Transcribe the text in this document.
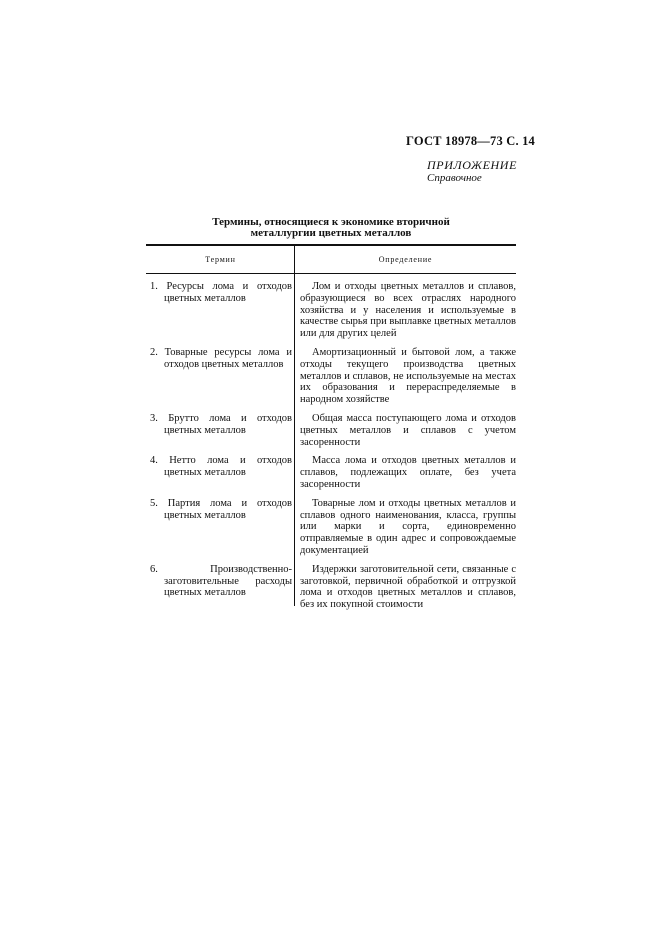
ГОСТ 18978—73 С. 14
ПРИЛОЖЕНИЕ
Справочное
Термины, относящиеся к экономике вторичной
металлургии цветных металлов
Термин	Определение
1. Ресурсы лома и отходов цветных металлов
Лом и отходы цветных металлов и сплавов, образующиеся во всех отраслях народного хозяйства и у населения и используемые в качестве сырья при выплавке цветных металлов или для других целей
2. Товарные ресурсы лома и отходов цветных металлов
Амортизационный и бытовой лом, а также отходы текущего производства цветных металлов и сплавов, не используемые на местах их образования и перераспределяемые в народном хозяйстве
3. Брутто лома и отходов цветных металлов
Общая масса поступающего лома и отходов цветных металлов и сплавов с учетом засоренности
4. Нетто лома и отходов цветных металлов
Масса лома и отходов цветных металлов и сплавов, подлежащих оплате, без учета засоренности
5. Партия лома и отходов цветных металлов
Товарные лом и отходы цветных металлов и сплавов одного наименования, класса, группы или марки и сорта, единовременно отправляемые в один адрес и сопровождаемые документацией
6. Производственно-заготовительные расходы цветных металлов
Издержки заготовительной сети, связанные с заготовкой, первичной обработкой и отгрузкой лома и отходов цветных металлов и сплавов, без их покупной стоимости
